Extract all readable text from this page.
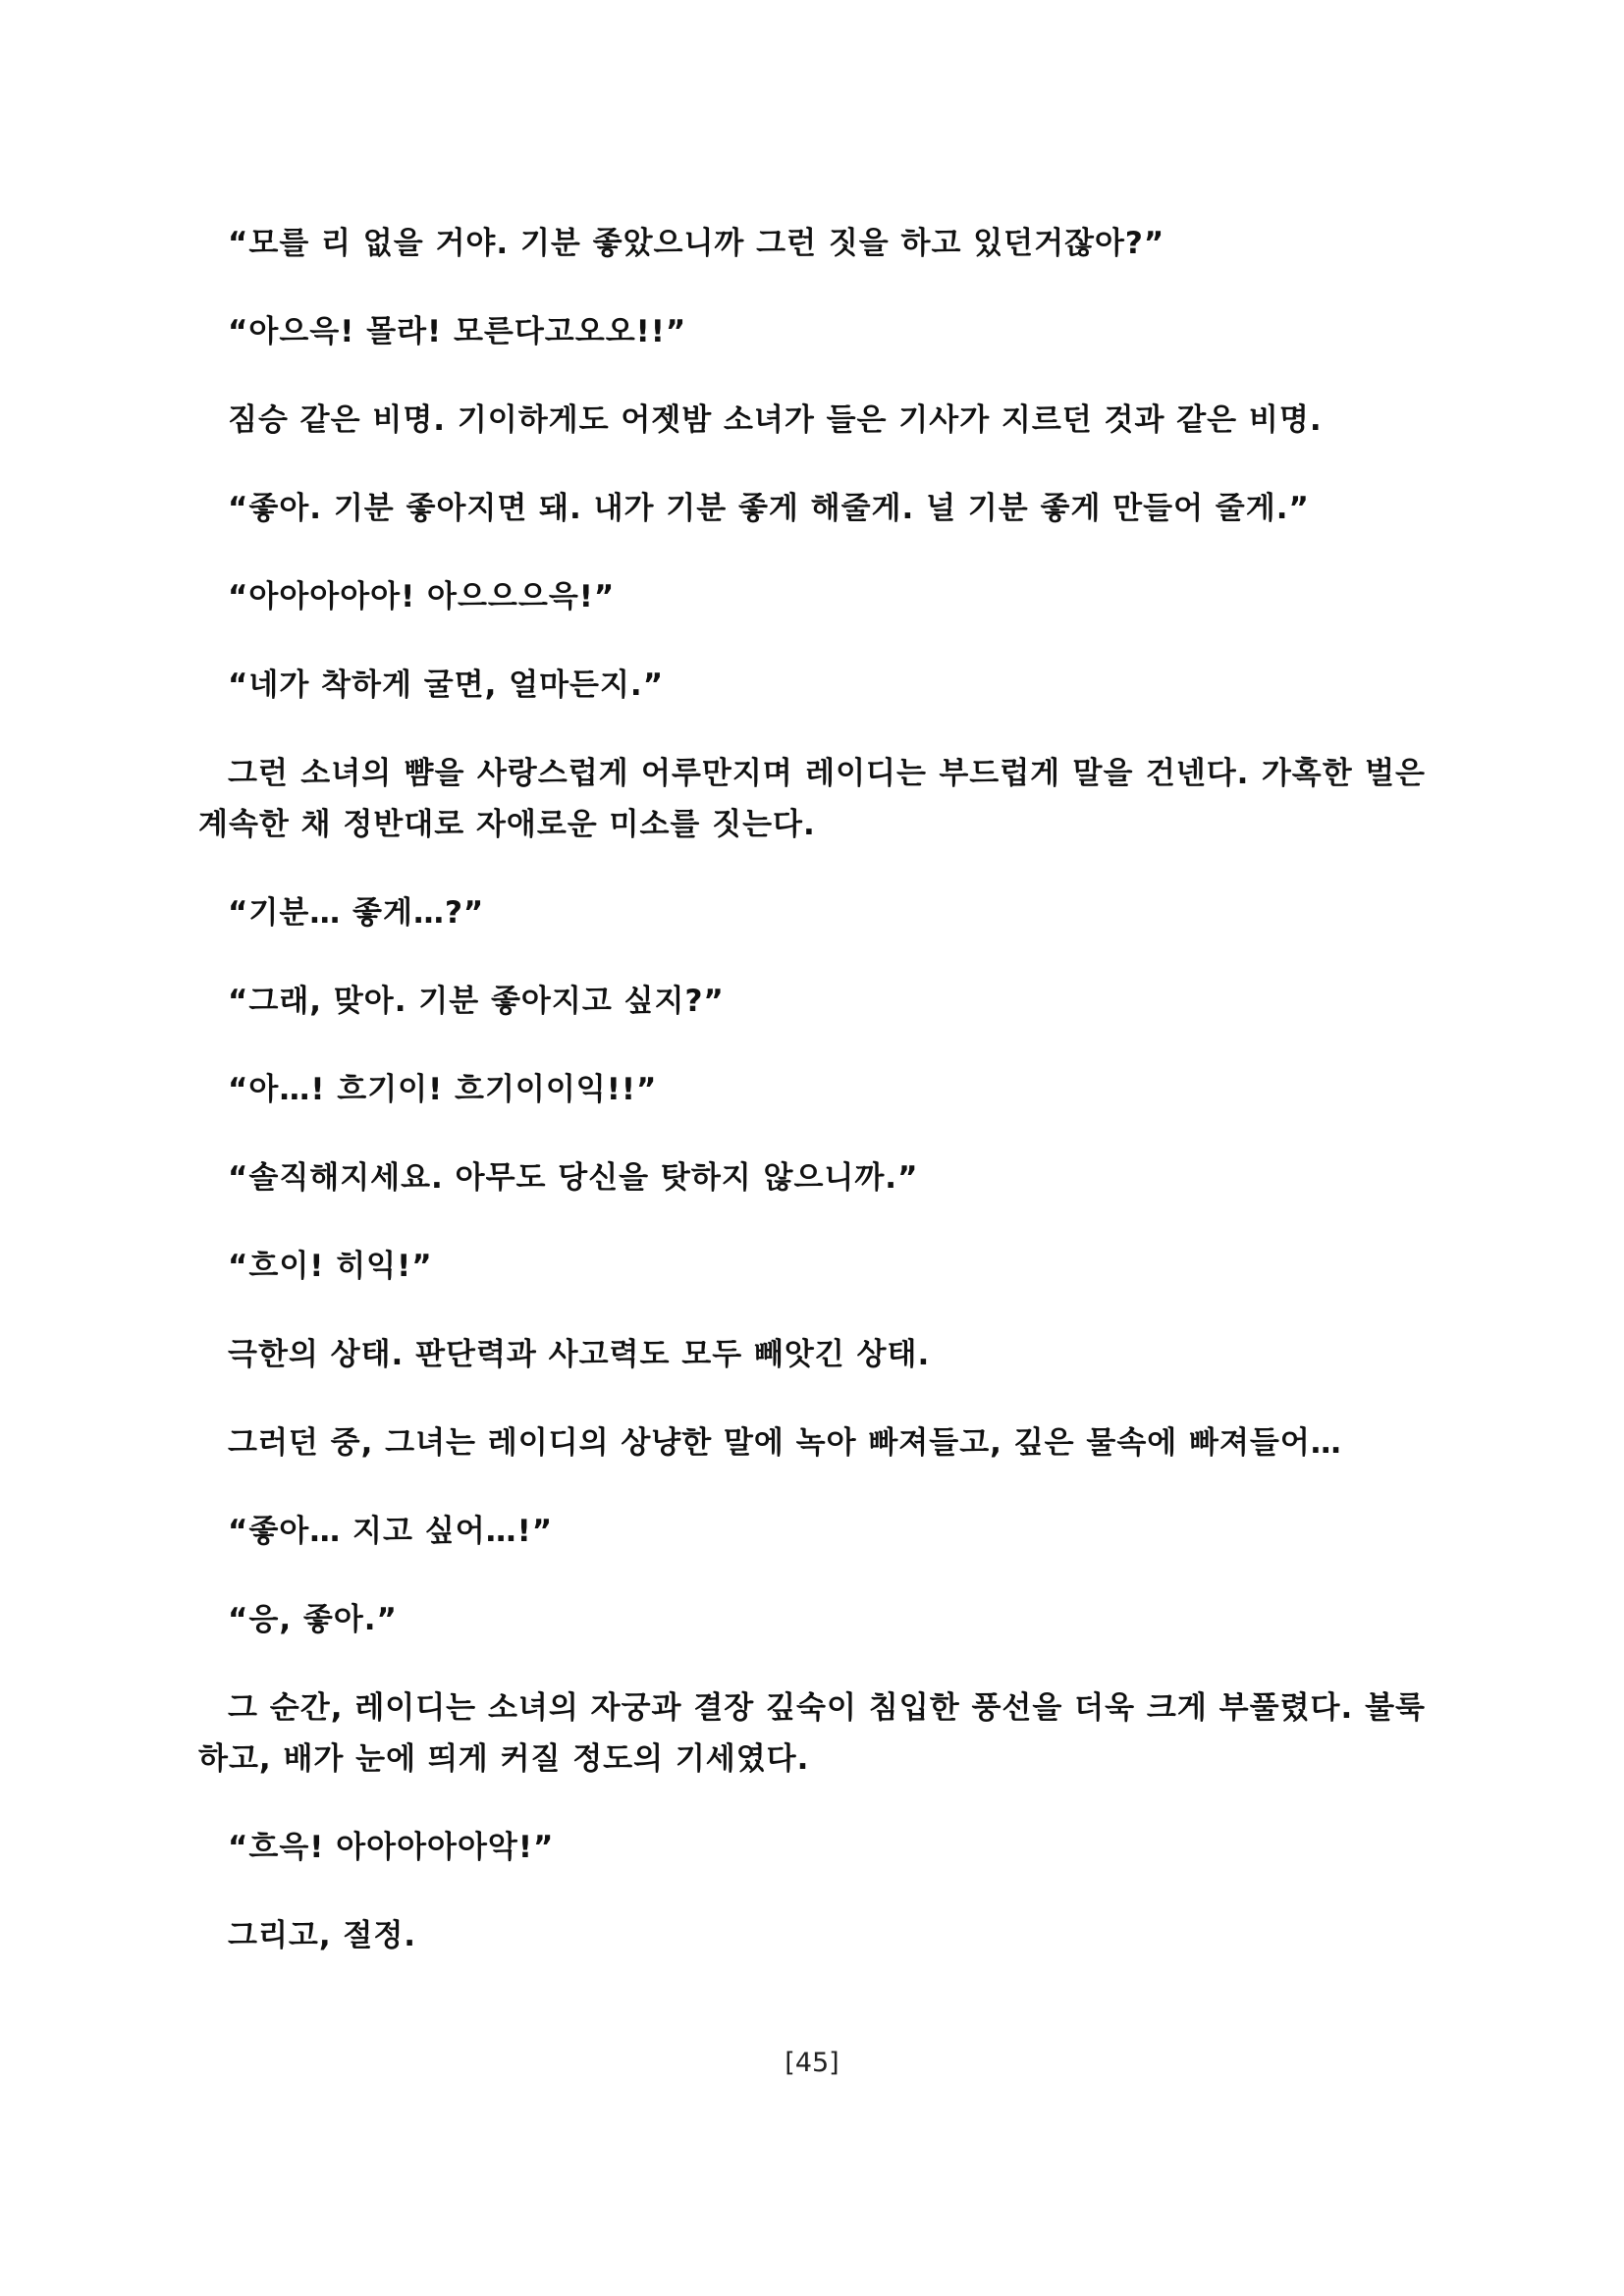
“모를 리 없을 거야. 기분 좋았으니까 그런 짓을 하고 있던거잖아?”

“아으윽! 몰라! 모른다고오오!!”

짐승 같은 비명. 기이하게도 어젯밤 소녀가 들은 기사가 지르던 것과 같은 비명.

“좋아. 기분 좋아지면 돼. 내가 기분 좋게 해줄게. 널 기분 좋게 만들어 줄게.”

“아아아아아! 아으으으윽!”

“네가 착하게 굴면, 얼마든지.”

그런 소녀의 뺨을 사랑스럽게 어루만지며 레이디는 부드럽게 말을 건넨다. 가혹한 벌은 계속한 채 정반대로 자애로운 미소를 짓는다.

“기분… 좋게…?”

“그래, 맞아. 기분 좋아지고 싶지?”

“아…! 흐기이! 흐기이이익!!”

“솔직해지세요. 아무도 당신을 탓하지 않으니까.”

“흐이! 히익!”

극한의 상태. 판단력과 사고력도 모두 빼앗긴 상태.

그러던 중, 그녀는 레이디의 상냥한 말에 녹아 빠져들고, 깊은 물속에 빠져들어…

“좋아… 지고 싶어…!”

“응, 좋아.”

그 순간, 레이디는 소녀의 자궁과 결장 깊숙이 침입한 풍선을 더욱 크게 부풀렸다. 불룩하고, 배가 눈에 띄게 커질 정도의 기세였다.

“흐윽! 아아아아아악!”

그리고, 절정.

[45]
